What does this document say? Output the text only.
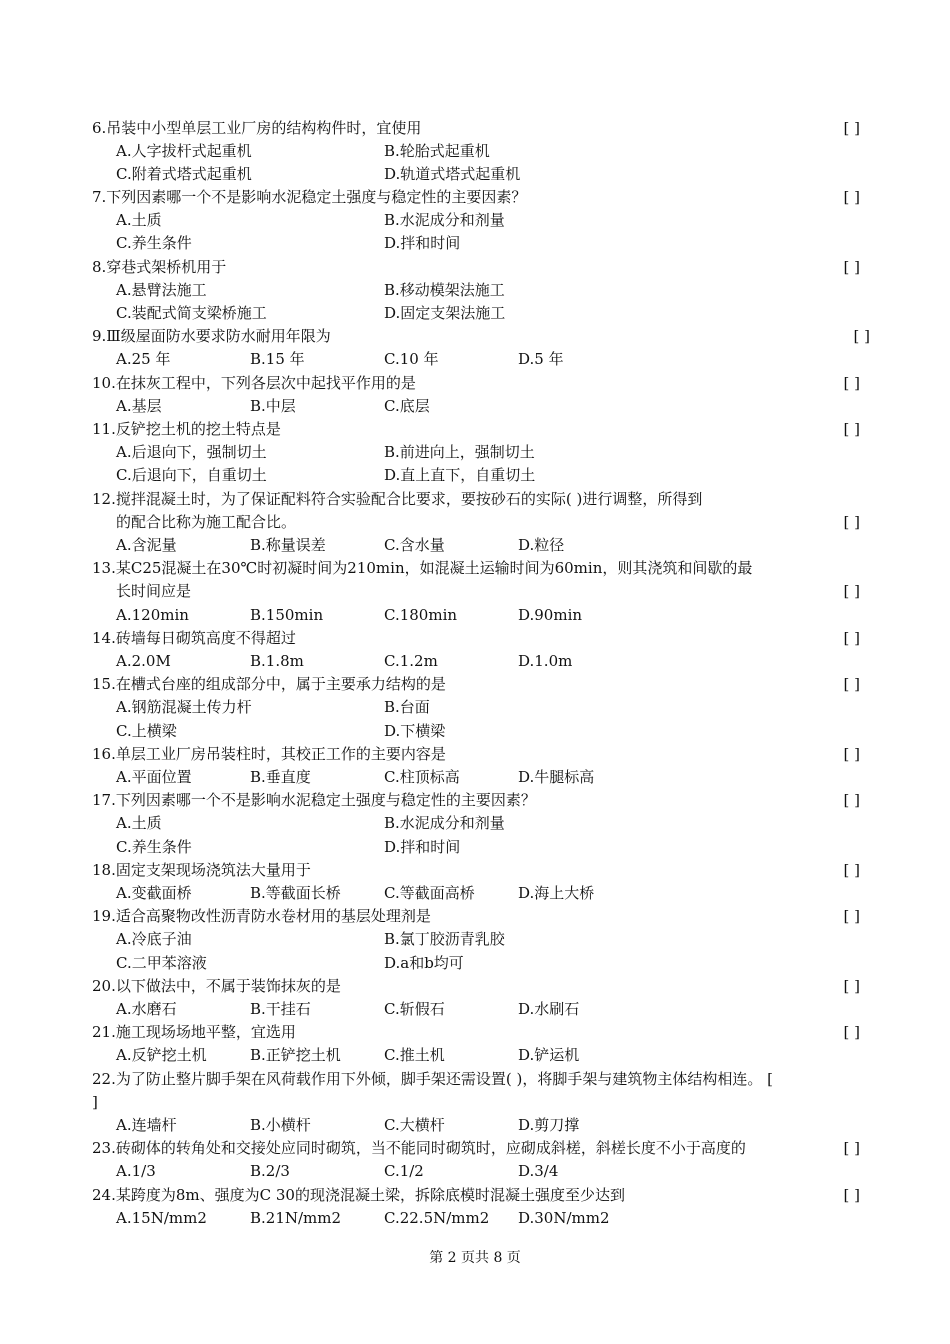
6.吊装中小型单层工业厂房的结构构件时，宜使用	[ ]
A.人字拔杆式起重机	B.轮胎式起重机
C.附着式塔式起重机	D.轨道式塔式起重机
7.下列因素哪一个不是影响水泥稳定土强度与稳定性的主要因素？	[ ]
A.土质	B.水泥成分和剂量
C.养生条件	D.拌和时间
8.穿巷式架桥机用于	[ ]
A.悬臂法施工	B.移动模架法施工
C.装配式简支梁桥施工	D.固定支架法施工
9.Ⅲ级屋面防水要求防水耐用年限为	[ ]
A.25 年	B.15 年	C.10 年	D.5 年
10.在抹灰工程中，下列各层次中起找平作用的是	[ ]
A.基层	B.中层	C.底层
11.反铲挖土机的挖土特点是	[ ]
A.后退向下，强制切土	B.前进向上，强制切土
C.后退向下，自重切土	D.直上直下，自重切土
12.搅拌混凝土时，为了保证配料符合实验配合比要求，要按砂石的实际( )进行调整，所得到
的配合比称为施工配合比。	[ ]
A.含泥量	B.称量误差	C.含水量	D.粒径
13.某C25混凝土在30℃时初凝时间为210min，如混凝土运输时间为60min，则其浇筑和间歇的最
长时间应是	[ ]
A.120min	B.150min	C.180min	D.90min
14.砖墙每日砌筑高度不得超过	[ ]
A.2.0M	B.1.8m	C.1.2m	D.1.0m
15.在槽式台座的组成部分中，属于主要承力结构的是	[ ]
A.钢筋混凝土传力杆	B.台面
C.上横梁	D.下横梁
16.单层工业厂房吊装柱时，其校正工作的主要内容是	[ ]
A.平面位置	B.垂直度	C.柱顶标高	D.牛腿标高
17.下列因素哪一个不是影响水泥稳定土强度与稳定性的主要因素？	[ ]
A.土质	B.水泥成分和剂量
C.养生条件	D.拌和时间
18.固定支架现场浇筑法大量用于	[ ]
A.变截面桥	B.等截面长桥	C.等截面高桥	D.海上大桥
19.适合高聚物改性沥青防水卷材用的基层处理剂是	[ ]
A.冷底子油	B.氯丁胶沥青乳胶
C.二甲苯溶液	D.a和b均可
20.以下做法中，不属于装饰抹灰的是	[ ]
A.水磨石	B.干挂石	C.斩假石	D.水刷石
21.施工现场场地平整，宜选用	[ ]
A.反铲挖土机	B.正铲挖土机	C.推土机	D.铲运机
22.为了防止整片脚手架在风荷载作用下外倾，脚手架还需设置( )，将脚手架与建筑物主体结构相连。 [
]
A.连墙杆	B.小横杆	C.大横杆	D.剪刀撑
23.砖砌体的转角处和交接处应同时砌筑，当不能同时砌筑时，应砌成斜槎，斜槎长度不小于高度的	[ ]
A.1/3	B.2/3	C.1/2	D.3/4
24.某跨度为8m、强度为C 30的现浇混凝土梁，拆除底模时混凝土强度至少达到	[ ]
A.15N/mm2	B.21N/mm2	C.22.5N/mm2 D.30N/mm2
第 2 页共 8 页
